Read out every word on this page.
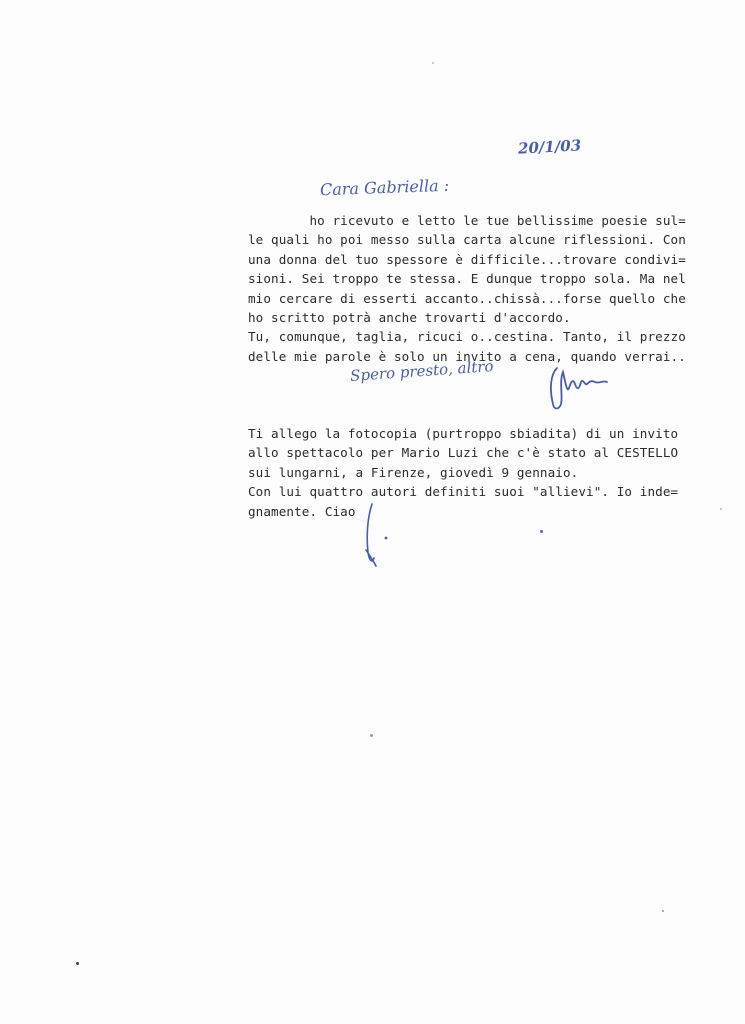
20/1/03
Cara Gabriella :
ho ricevuto e letto le tue bellissime poesie sul=
le quali ho poi messo sulla carta alcune riflessioni. Con
una donna del tuo spessore è difficile...trovare condivi=
sioni. Sei troppo te stessa. E dunque troppo sola. Ma nel
mio cercare di esserti accanto..chissà...forse quello che
ho scritto potrà anche trovarti d'accordo.
Tu, comunque, taglia, ricuci o..cestina. Tanto, il prezzo
delle mie parole è solo un invito a cena, quando verrai..
Spero presto, altro
Ti allego la fotocopia (purtroppo sbiadita) di un invito
allo spettacolo per Mario Luzi che c'è stato al CESTELLO
sui lungarni, a Firenze, giovedì 9 gennaio.
Con lui quattro autori definiti suoi "allievi". Io inde=
gnamente. Ciao
